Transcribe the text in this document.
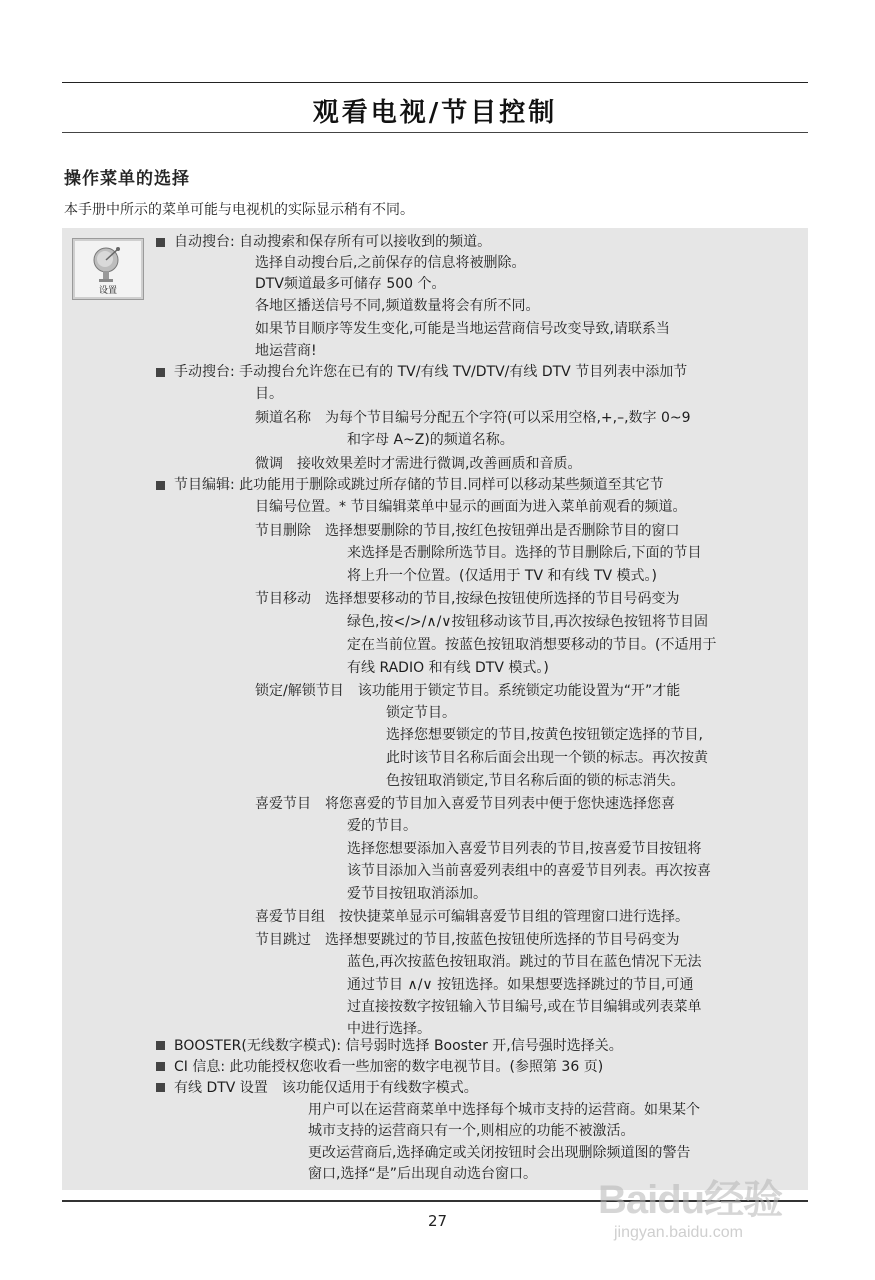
观看电视/节目控制
操作菜单的选择
本手册中所示的菜单可能与电视机的实际显示稍有不同。
设置
自动搜台: 自动搜索和保存所有可以接收到的频道。
选择自动搜台后,之前保存的信息将被删除。
DTV频道最多可储存 500 个。
各地区播送信号不同,频道数量将会有所不同。
如果节目顺序等发生变化,可能是当地运营商信号改变导致,请联系当
地运营商!
手动搜台: 手动搜台允许您在已有的 TV/有线 TV/DTV/有线 DTV 节目列表中添加节
目。
频道名称　为每个节目编号分配五个字符(可以采用空格,+,–,数字 0~9
和字母 A~Z)的频道名称。
微调　接收效果差时才需进行微调,改善画质和音质。
节目编辑: 此功能用于删除或跳过所存储的节目.同样可以移动某些频道至其它节
目编号位置。* 节目编辑菜单中显示的画面为进入菜单前观看的频道。
节目删除　选择想要删除的节目,按红色按钮弹出是否删除节目的窗口
来选择是否删除所选节目。选择的节目删除后,下面的节目
将上升一个位置。(仅适用于 TV 和有线 TV 模式。)
节目移动　选择想要移动的节目,按绿色按钮使所选择的节目号码变为
绿色,按</>/∧/∨按钮移动该节目,再次按绿色按钮将节目固
定在当前位置。按蓝色按钮取消想要移动的节目。(不适用于
有线 RADIO 和有线 DTV 模式。)
锁定/解锁节目　该功能用于锁定节目。系统锁定功能设置为“开”才能
锁定节目。
选择您想要锁定的节目,按黄色按钮锁定选择的节目,
此时该节目名称后面会出现一个锁的标志。再次按黄
色按钮取消锁定,节目名称后面的锁的标志消失。
喜爱节目　将您喜爱的节目加入喜爱节目列表中便于您快速选择您喜
爱的节目。
选择您想要添加入喜爱节目列表的节目,按喜爱节目按钮将
该节目添加入当前喜爱列表组中的喜爱节目列表。再次按喜
爱节目按钮取消添加。
喜爱节目组　按快捷菜单显示可编辑喜爱节目组的管理窗口进行选择。
节目跳过　选择想要跳过的节目,按蓝色按钮使所选择的节目号码变为
蓝色,再次按蓝色按钮取消。跳过的节目在蓝色情况下无法
通过节目 ∧/∨ 按钮选择。如果想要选择跳过的节目,可通
过直接按数字按钮输入节目编号,或在节目编辑或列表菜单
中进行选择。
BOOSTER(无线数字模式): 信号弱时选择 Booster 开,信号强时选择关。
CI 信息: 此功能授权您收看一些加密的数字电视节目。(参照第 36 页)
有线 DTV 设置　该功能仅适用于有线数字模式。
用户可以在运营商菜单中选择每个城市支持的运营商。如果某个
城市支持的运营商只有一个,则相应的功能不被激活。
更改运营商后,选择确定或关闭按钮时会出现删除频道图的警告
窗口,选择“是”后出现自动选台窗口。
27	Baidu经验
jingyan.baidu.com
